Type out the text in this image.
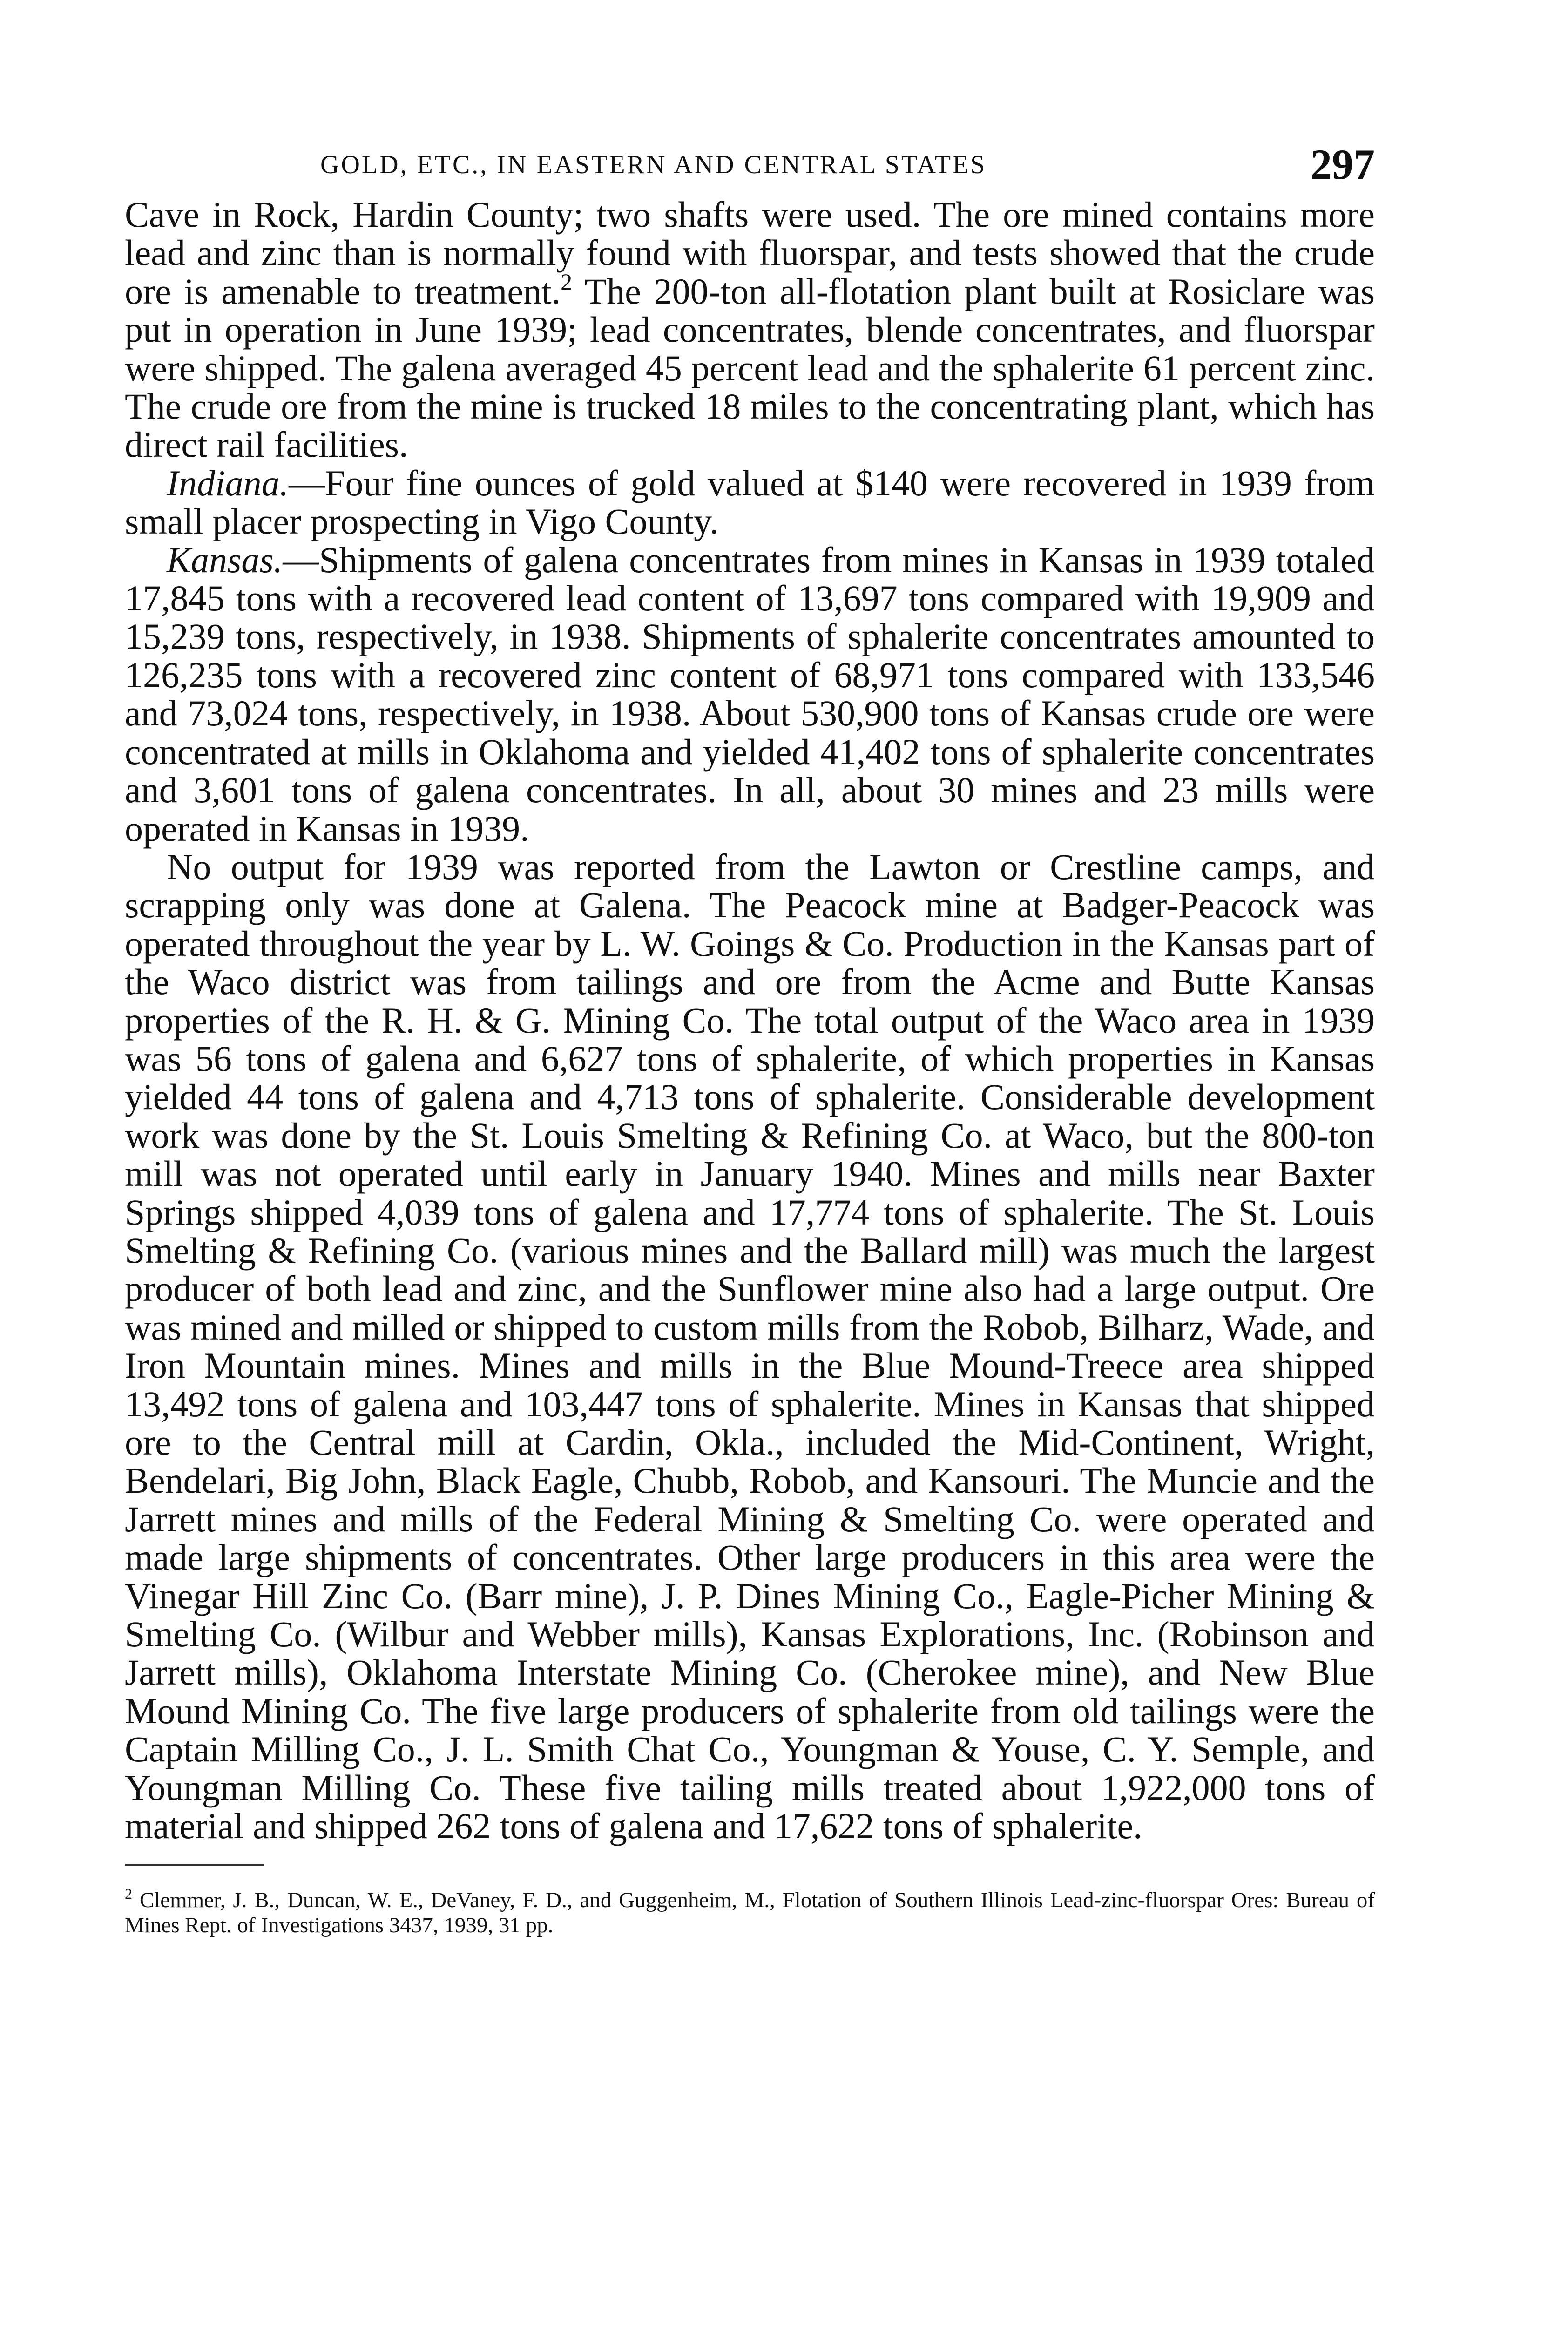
GOLD, ETC., IN EASTERN AND CENTRAL STATES	297

Cave in Rock, Hardin County; two shafts were used. The ore mined contains more lead and zinc than is normally found with fluorspar, and tests showed that the crude ore is amenable to treatment.$^2$ The 200-ton all-flotation plant built at Rosiclare was put in operation in June 1939; lead concentrates, blende concentrates, and fluorspar were shipped. The galena averaged 45 percent lead and the sphalerite 61 percent zinc. The crude ore from the mine is trucked 18 miles to the concentrating plant, which has direct rail facilities.

Indiana.—Four fine ounces of gold valued at $140 were recovered in 1939 from small placer prospecting in Vigo County.

Kansas.—Shipments of galena concentrates from mines in Kansas in 1939 totaled 17,845 tons with a recovered lead content of 13,697 tons compared with 19,909 and 15,239 tons, respectively, in 1938. Shipments of sphalerite concentrates amounted to 126,235 tons with a recovered zinc content of 68,971 tons compared with 133,546 and 73,024 tons, respectively, in 1938. About 530,900 tons of Kansas crude ore were concentrated at mills in Oklahoma and yielded 41,402 tons of sphalerite concentrates and 3,601 tons of galena concentrates. In all, about 30 mines and 23 mills were operated in Kansas in 1939.

No output for 1939 was reported from the Lawton or Crestline camps, and scrapping only was done at Galena. The Peacock mine at Badger-Peacock was operated throughout the year by L. W. Goings & Co. Production in the Kansas part of the Waco district was from tailings and ore from the Acme and Butte Kansas properties of the R. H. & G. Mining Co. The total output of the Waco area in 1939 was 56 tons of galena and 6,627 tons of sphalerite, of which properties in Kansas yielded 44 tons of galena and 4,713 tons of sphalerite. Considerable development work was done by the St. Louis Smelting & Refining Co. at Waco, but the 800-ton mill was not operated until early in January 1940. Mines and mills near Baxter Springs shipped 4,039 tons of galena and 17,774 tons of sphalerite. The St. Louis Smelting & Refining Co. (various mines and the Ballard mill) was much the largest producer of both lead and zinc, and the Sunflower mine also had a large output. Ore was mined and milled or shipped to custom mills from the Robob, Bilharz, Wade, and Iron Mountain mines. Mines and mills in the Blue Mound-Treece area shipped 13,492 tons of galena and 103,447 tons of sphalerite. Mines in Kansas that shipped ore to the Central mill at Cardin, Okla., included the Mid-Continent, Wright, Bendelari, Big John, Black Eagle, Chubb, Robob, and Kansouri. The Muncie and the Jarrett mines and mills of the Federal Mining & Smelting Co. were operated and made large shipments of concentrates. Other large producers in this area were the Vinegar Hill Zinc Co. (Barr mine), J. P. Dines Mining Co., Eagle-Picher Mining & Smelting Co. (Wilbur and Webber mills), Kansas Explorations, Inc. (Robinson and Jarrett mills), Oklahoma Interstate Mining Co. (Cherokee mine), and New Blue Mound Mining Co. The five large producers of sphalerite from old tailings were the Captain Milling Co., J. L. Smith Chat Co., Youngman & Youse, C. Y. Semple, and Youngman Milling Co. These five tailing mills treated about 1,922,000 tons of material and shipped 262 tons of galena and 17,622 tons of sphalerite.

$^2$ Clemmer, J. B., Duncan, W. E., DeVaney, F. D., and Guggenheim, M., Flotation of Southern Illinois Lead-zinc-fluorspar Ores: Bureau of Mines Rept. of Investigations 3437, 1939, 31 pp.
